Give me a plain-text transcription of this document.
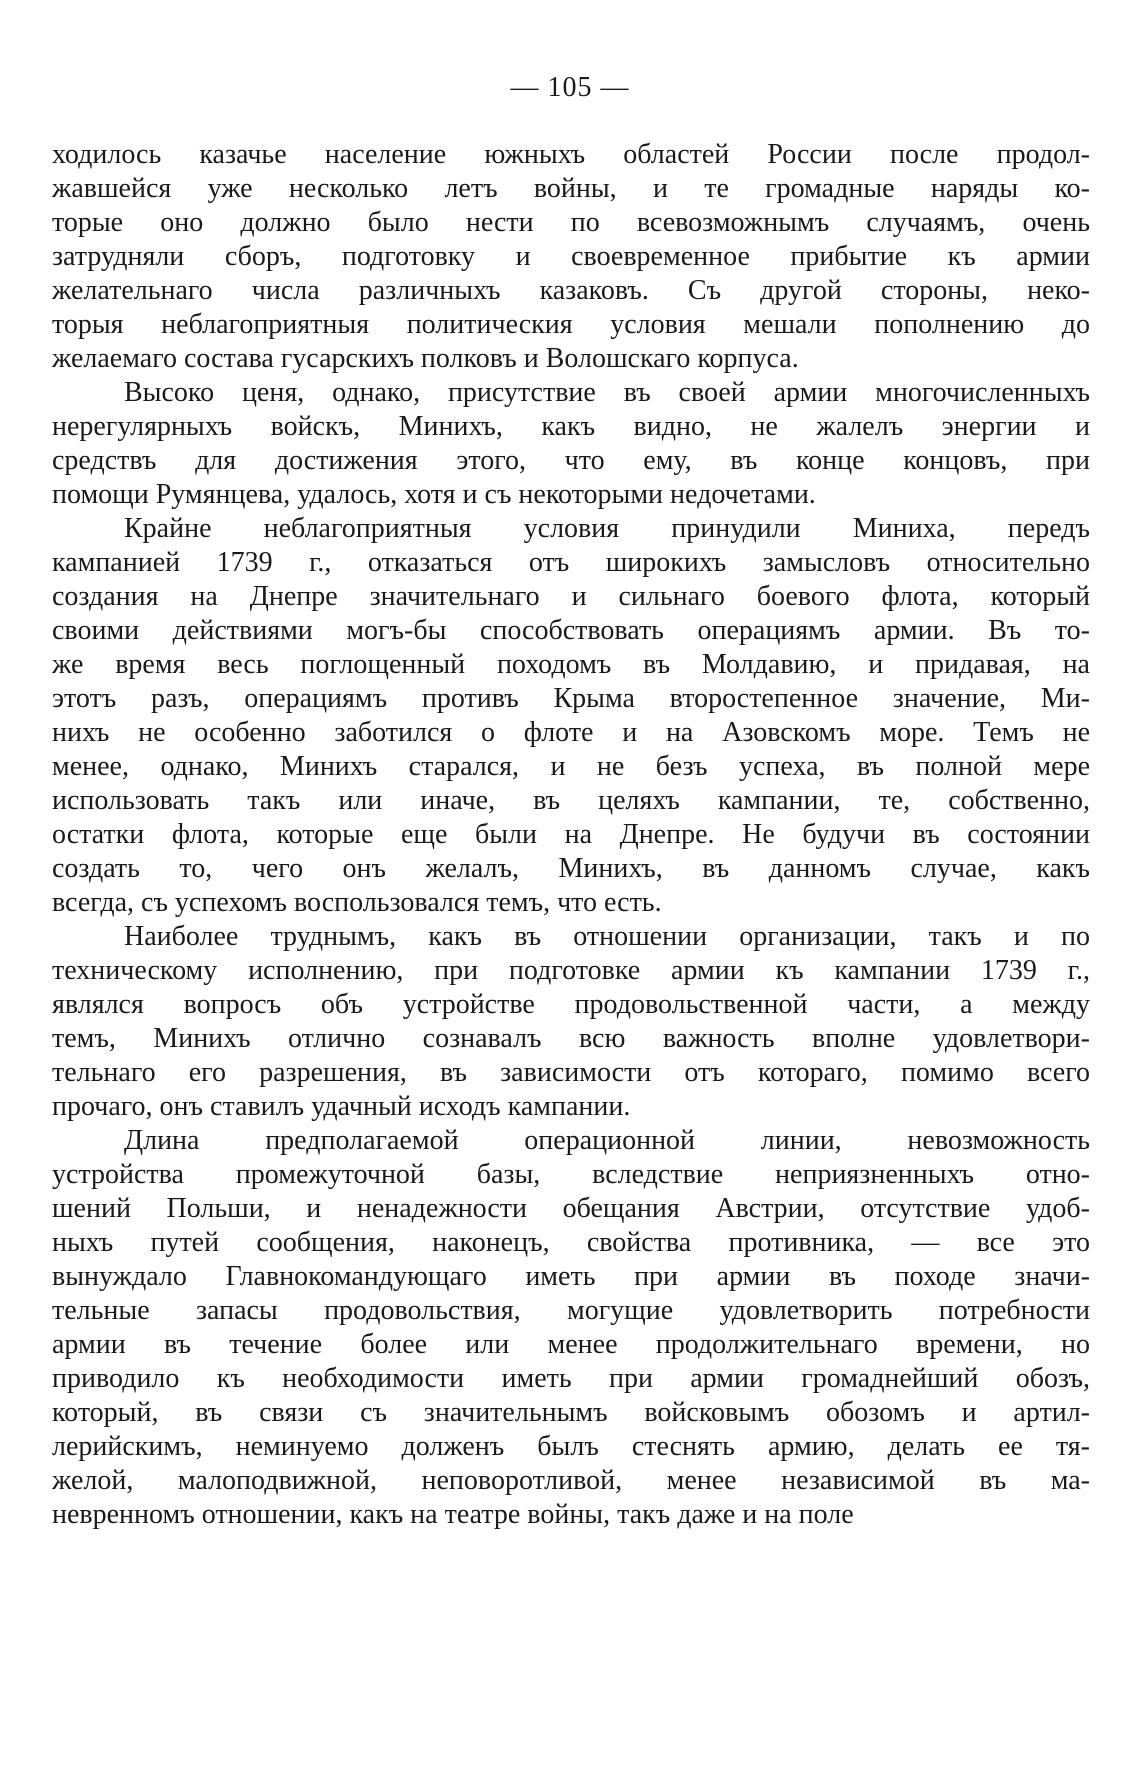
— 105 —
ходилось казачье население южныхъ областей России после продол-
жавшейся уже несколько летъ войны, и те громадные наряды ко-
торые оно должно было нести по всевозможнымъ случаямъ, очень
затрудняли сборъ, подготовку и своевременное прибытие къ армии
желательнаго числа различныхъ казаковъ. Съ другой стороны, неко-
торыя неблагоприятныя политическия условия мешали пополнению до
желаемаго состава гусарскихъ полковъ и Волошскаго корпуса.
Высоко ценя, однако, присутствие въ своей армии многочисленныхъ
нерегулярныхъ войскъ, Минихъ, какъ видно, не жалелъ энергии и
средствъ для достижения этого, что ему, въ конце концовъ, при
помощи Румянцева, удалось, хотя и съ некоторыми недочетами.
Крайне неблагоприятныя условия принудили Миниха, передъ
кампанией 1739 г., отказаться отъ широкихъ замысловъ относительно
создания на Днепре значительнаго и сильнаго боевого флота, который
своими действиями могъ-бы способствовать операциямъ армии. Въ то-
же время весь поглощенный походомъ въ Молдавию, и придавая, на
этотъ разъ, операциямъ противъ Крыма второстепенное значение, Ми-
нихъ не особенно заботился о флоте и на Азовскомъ море. Темъ не
менее, однако, Минихъ старался, и не безъ успеха, въ полной мере
использовать такъ или иначе, въ целяхъ кампании, те, собственно,
остатки флота, которые еще были на Днепре. Не будучи въ состоянии
создать то, чего онъ желалъ, Минихъ, въ данномъ случае, какъ
всегда, съ успехомъ воспользовался темъ, что есть.
Наиболее труднымъ, какъ въ отношении организации, такъ и по
техническому исполнению, при подготовке армии къ кампании 1739 г.,
являлся вопросъ объ устройстве продовольственной части, а между
темъ, Минихъ отлично сознавалъ всю важность вполне удовлетвори-
тельнаго его разрешения, въ зависимости отъ котораго, помимо всего
прочаго, онъ ставилъ удачный исходъ кампании.
Длина предполагаемой операционной линии, невозможность
устройства промежуточной базы, вследствие неприязненныхъ отно-
шений Польши, и ненадежности обещания Австрии, отсутствие удоб-
ныхъ путей сообщения, наконецъ, свойства противника, — все это
вынуждало Главнокомандующаго иметь при армии въ походе значи-
тельные запасы продовольствия, могущие удовлетворить потребности
армии въ течение более или менее продолжительнаго времени, но
приводило къ необходимости иметь при армии громаднейший обозъ,
который, въ связи съ значительнымъ войсковымъ обозомъ и артил-
лерийскимъ, неминуемо долженъ былъ стеснять армию, делать ее тя-
желой, малоподвижной, неповоротливой, менее независимой въ ма-
невренномъ отношении, какъ на театре войны, такъ даже и на поле
